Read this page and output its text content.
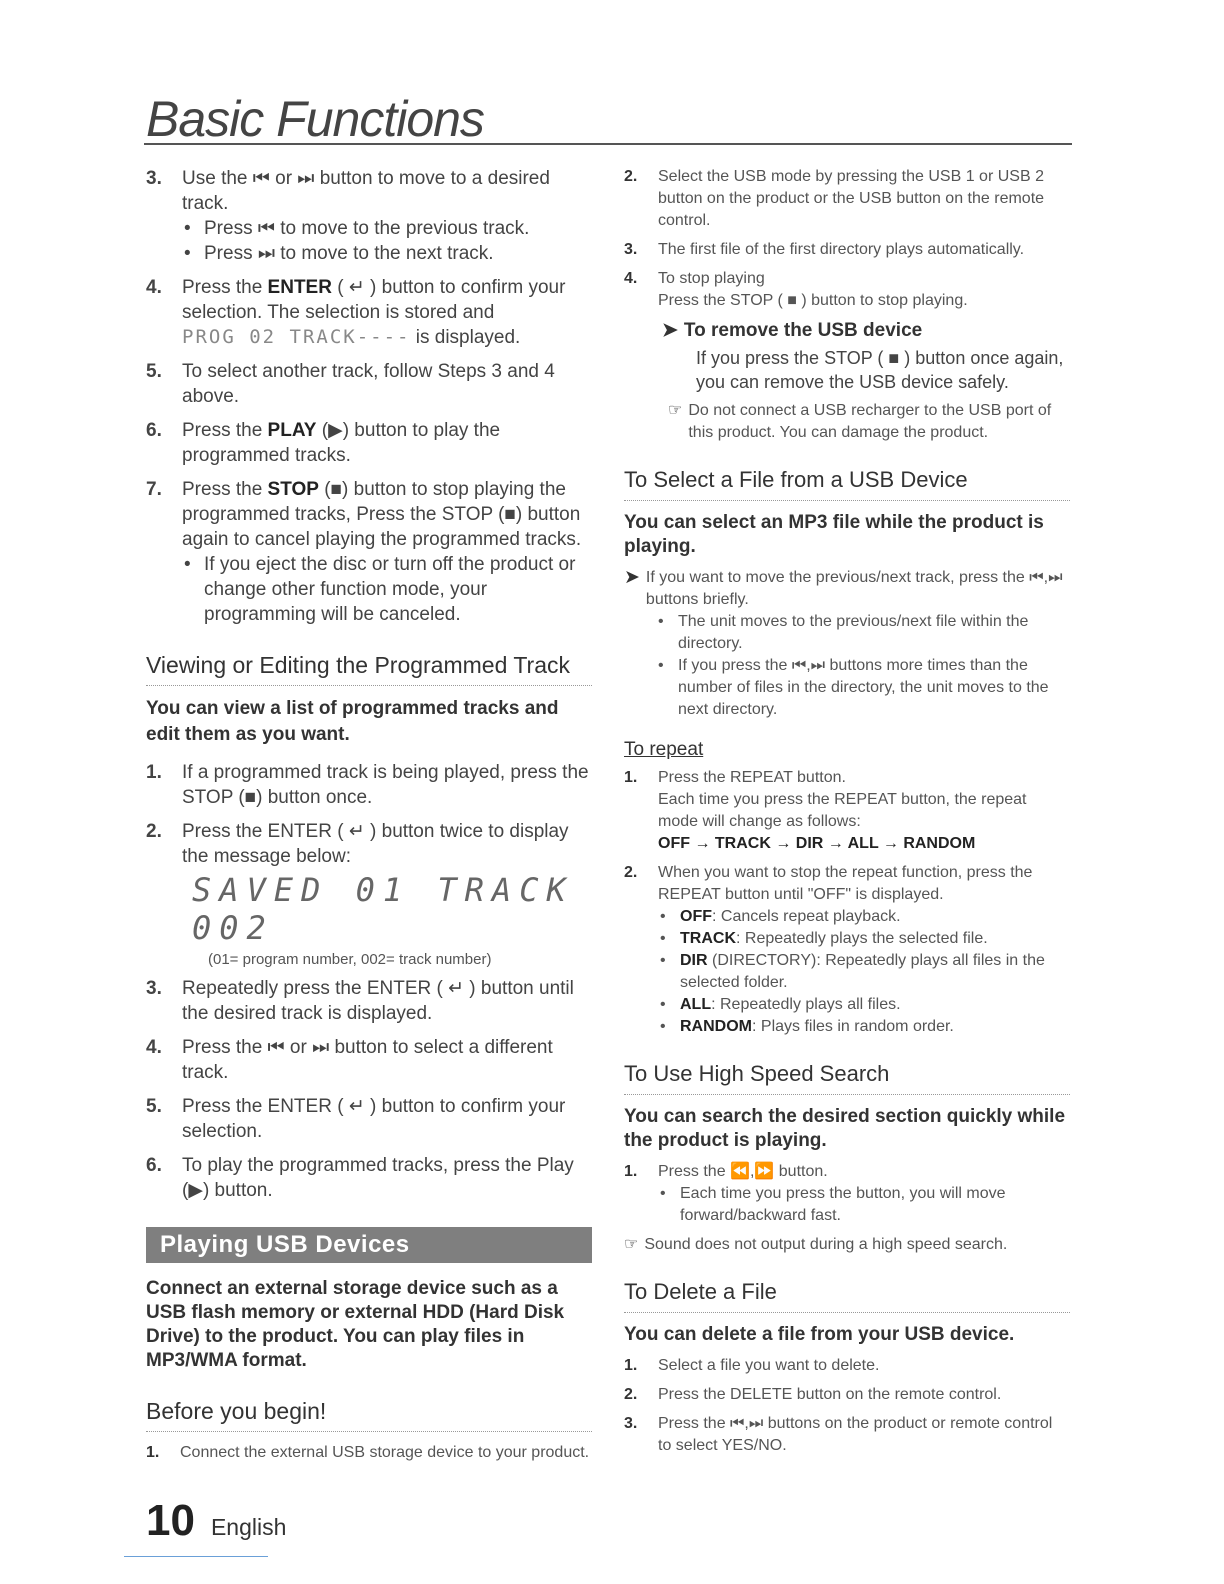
Basic Functions
3.	Use the ⏮ or ⏭ button to move to a desired track.
• Press ⏮ to move to the previous track.
• Press ⏭ to move to the next track.
4.	Press the ENTER ( ↵ ) button to confirm your selection. The selection is stored and
PROG 02 TRACK---- is displayed.
5.	To select another track, follow Steps 3 and 4 above.
6.	Press the PLAY (▶) button to play the programmed tracks.
7.	Press the STOP (■) button to stop playing the programmed tracks, Press the STOP (■) button again to cancel playing the programmed tracks.
• If you eject the disc or turn off the product or change other function mode, your programming will be canceled.
Viewing or Editing the Programmed Track
You can view a list of programmed tracks and edit them as you want.
1.	If a programmed track is being played, press the STOP (■) button once.
2.	Press the ENTER ( ↵ ) button twice to display the message below:
SAVED 01 TRACK 002
(01= program number, 002= track number)
3.	Repeatedly press the ENTER ( ↵ ) button until the desired track is displayed.
4.	Press the ⏮ or ⏭ button to select a different track.
5.	Press the ENTER ( ↵ ) button to confirm your selection.
6.	To play the programmed tracks, press the Play (▶) button.
Playing USB Devices
Connect an external storage device such as a USB flash memory or external HDD (Hard Disk Drive) to the product. You can play files in MP3/WMA format.
Before you begin!
1.	Connect the external USB storage device to your product.
2.	Select the USB mode by pressing the USB 1 or USB 2 button on the product or the USB button on the remote control.
3.	The first file of the first directory plays automatically.
4.	To stop playing
Press the STOP ( ■ ) button to stop playing.
➤ To remove the USB device
If you press the STOP ( ■ ) button once again, you can remove the USB device safely.
☞ Do not connect a USB recharger to the USB port of this product. You can damage the product.
To Select a File from a USB Device
You can select an MP3 file while the product is playing.
➤ If you want to move the previous/next track, press the ⏮,⏭ buttons briefly.
• The unit moves to the previous/next file within the directory.
• If you press the ⏮,⏭ buttons more times than the number of files in the directory, the unit moves to the next directory.
To repeat
1.	Press the REPEAT button.
Each time you press the REPEAT button, the repeat mode will change as follows:
OFF → TRACK → DIR → ALL → RANDOM
2.	When you want to stop the repeat function, press the REPEAT button until "OFF" is displayed.
• OFF: Cancels repeat playback.
• TRACK: Repeatedly plays the selected file.
• DIR (DIRECTORY): Repeatedly plays all files in the selected folder.
• ALL: Repeatedly plays all files.
• RANDOM: Plays files in random order.
To Use High Speed Search
You can search the desired section quickly while the product is playing.
1.	Press the ⏪,⏩ button.
• Each time you press the button, you will move forward/backward fast.
☞ Sound does not output during a high speed search.
To Delete a File
You can delete a file from your USB device.
1.	Select a file you want to delete.
2.	Press the DELETE button on the remote control.
3.	Press the ⏮,⏭ buttons on the product or remote control to select YES/NO.
10 English
